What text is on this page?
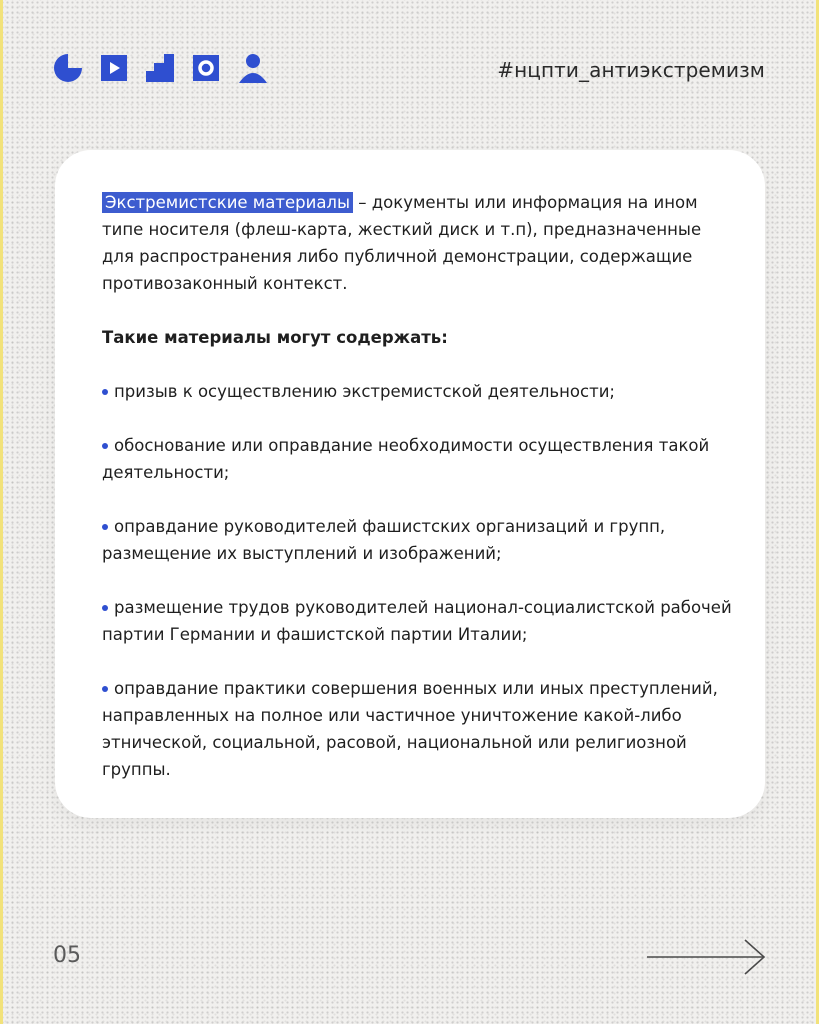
#нцпти_антиэкстремизм

Экстремистские материалы – документы или информация на ином типе носителя (флеш-карта, жесткий диск и т.п), предназначенные для распространения либо публичной демонстрации, содержащие противозаконный контекст.

Такие материалы могут содержать:

призыв к осуществлению экстремистской деятельности;
обоснование или оправдание необходимости осуществления такой деятельности;
оправдание руководителей фашистских организаций и групп, размещение их выступлений и изображений;
размещение трудов руководителей национал-социалистской рабочей партии Германии и фашистской партии Италии;
оправдание практики совершения военных или иных преступлений, направленных на полное или частичное уничтожение какой-либо этнической, социальной, расовой, национальной или религиозной группы.
05
